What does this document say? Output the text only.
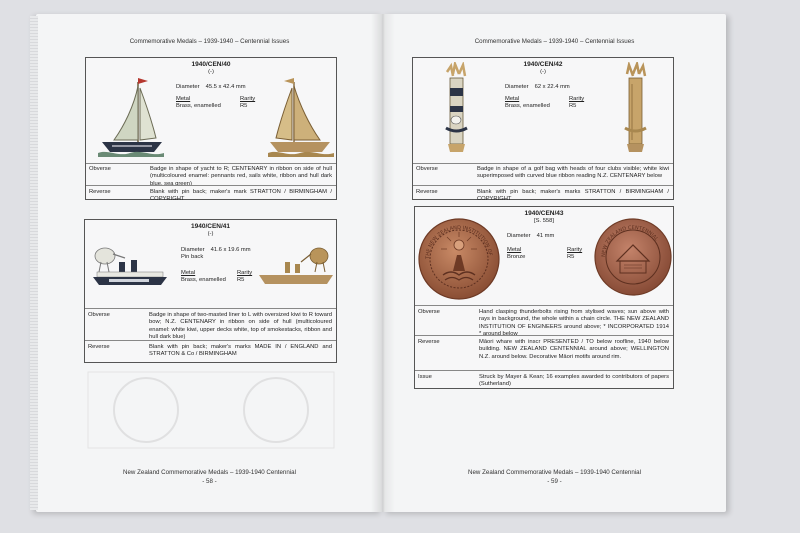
Commemorative Medals – 1939-1940 – Centennial Issues
1940/CEN/40
(-)
Diameter 45.5 x 42.4 mm
Metal
Brass, enamelled
Rarity
R5
Obverse	Badge in shape of yacht to R; CENTENARY in ribbon on side of hull (multicoloured enamel: pennants red, sails white, ribbon and hull dark blue, sea green)
Reverse	Blank with pin back; maker's mark STRATTON / BIRMINGHAM / COPYRIGHT
1940/CEN/41
(-)
Diameter 41.6 x 19.6 mm
Pin back
Metal
Brass, enamelled
Rarity
R5
Obverse	Badge in shape of two-masted liner to L with oversized kiwi to R toward bow; N.Z. CENTENARY in ribbon on side of hull (multicoloured enamel: white kiwi, upper decks white, top of smokestacks, ribbon and hull dark blue)
Reverse	Blank with pin back; maker's marks MADE IN / ENGLAND and STRATTON & Co / BIRMINGHAM
New Zealand Commemorative Medals – 1939-1940 Centennial
- 58 -
Commemorative Medals – 1939-1940 – Centennial Issues
1940/CEN/42
(-)
Diameter 62 x 22.4 mm
Metal
Brass, enamelled
Rarity
R5
Obverse	Badge in shape of a golf bag with heads of four clubs visible; white kiwi superimposed with curved blue ribbon reading N.Z. CENTENARY below
Reverse	Blank with pin back; maker's marks STRATTON / BIRMINGHAM / COPYRIGHT
1940/CEN/43
[S. 558]
THE NEW ZEALAND INSTITUTION OF	NEW ZEALAND CENTENNIAL
Diameter 41 mm
Metal
Bronze
Rarity
R5
Obverse	Hand clasping thunderbolts rising from stylised waves; sun above with rays in background, the whole within a chain circle. THE NEW ZEALAND INSTITUTION OF ENGINEERS around above; * INCORPORATED 1914 * around below
Reverse	Māori whare with inscr PRESENTED / TO below roofline, 1940 below building. NEW ZEALAND CENTENNIAL around above; WELLINGTON N.Z. around below. Decorative Māori motifs around rim.
Issue	Struck by Mayer & Kean; 16 examples awarded to contributors of papers (Sutherland)
New Zealand Commemorative Medals – 1939-1940 Centennial
- 59 -
